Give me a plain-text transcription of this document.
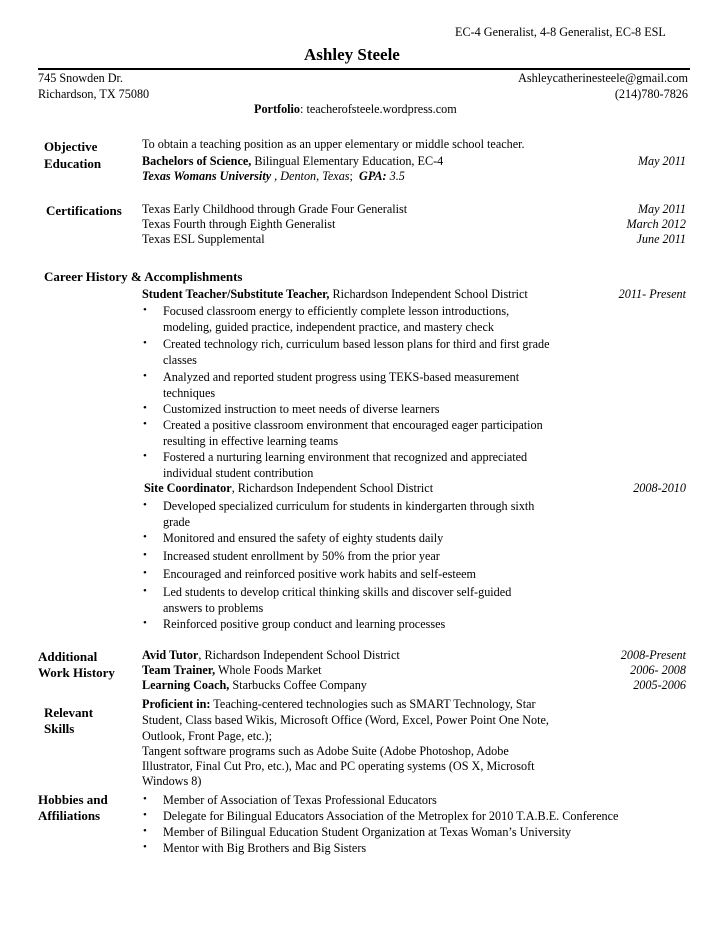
EC-4 Generalist, 4-8 Generalist, EC-8 ESL
Ashley Steele
745 Snowden Dr.
Richardson, TX 75080
Ashleycatherinesteele@gmail.com
(214)780-7826
Portfolio: teacherofsteele.wordpress.com
Objective	To obtain a teaching position as an upper elementary or middle school teacher.
Education	Bachelors of Science, Bilingual Elementary Education, EC-4	May 2011
Texas Womans University , Denton, Texas; GPA: 3.5
Certifications Texas Early Childhood through Grade Four Generalist	May 2011
Texas Fourth through Eighth Generalist	March 2012
Texas ESL Supplemental	June 2011
Career History & Accomplishments
Student Teacher/Substitute Teacher, Richardson Independent School District	2011- Present
• Focused classroom energy to efficiently complete lesson introductions,
modeling, guided practice, independent practice, and mastery check
• Created technology rich, curriculum based lesson plans for third and first grade
classes
• Analyzed and reported student progress using TEKS-based measurement
techniques
• Customized instruction to meet needs of diverse learners
• Created a positive classroom environment that encouraged eager participation
resulting in effective learning teams
• Fostered a nurturing learning environment that recognized and appreciated
individual student contribution
Site Coordinator, Richardson Independent School District	2008-2010
• Developed specialized curriculum for students in kindergarten through sixth
grade
• Monitored and ensured the safety of eighty students daily
• Increased student enrollment by 50% from the prior year
• Encouraged and reinforced positive work habits and self-esteem
• Led students to develop critical thinking skills and discover self-guided
answers to problems
• Reinforced positive group conduct and learning processes
Additional
Work History
Avid Tutor, Richardson Independent School District	2008-Present
Team Trainer, Whole Foods Market	2006- 2008
Learning Coach, Starbucks Coffee Company	2005-2006
Relevant
Skills
Proficient in: Teaching-centered technologies such as SMART Technology, Star
Student, Class based Wikis, Microsoft Office (Word, Excel, Power Point One Note,
Outlook, Front Page, etc.);
Tangent software programs such as Adobe Suite (Adobe Photoshop, Adobe
Illustrator, Final Cut Pro, etc.), Mac and PC operating systems (OS X, Microsoft
Windows 8)
Hobbies and
Affiliations
• Member of Association of Texas Professional Educators
• Delegate for Bilingual Educators Association of the Metroplex for 2010 T.A.B.E. Conference
• Member of Bilingual Education Student Organization at Texas Woman’s University
• Mentor with Big Brothers and Big Sisters
